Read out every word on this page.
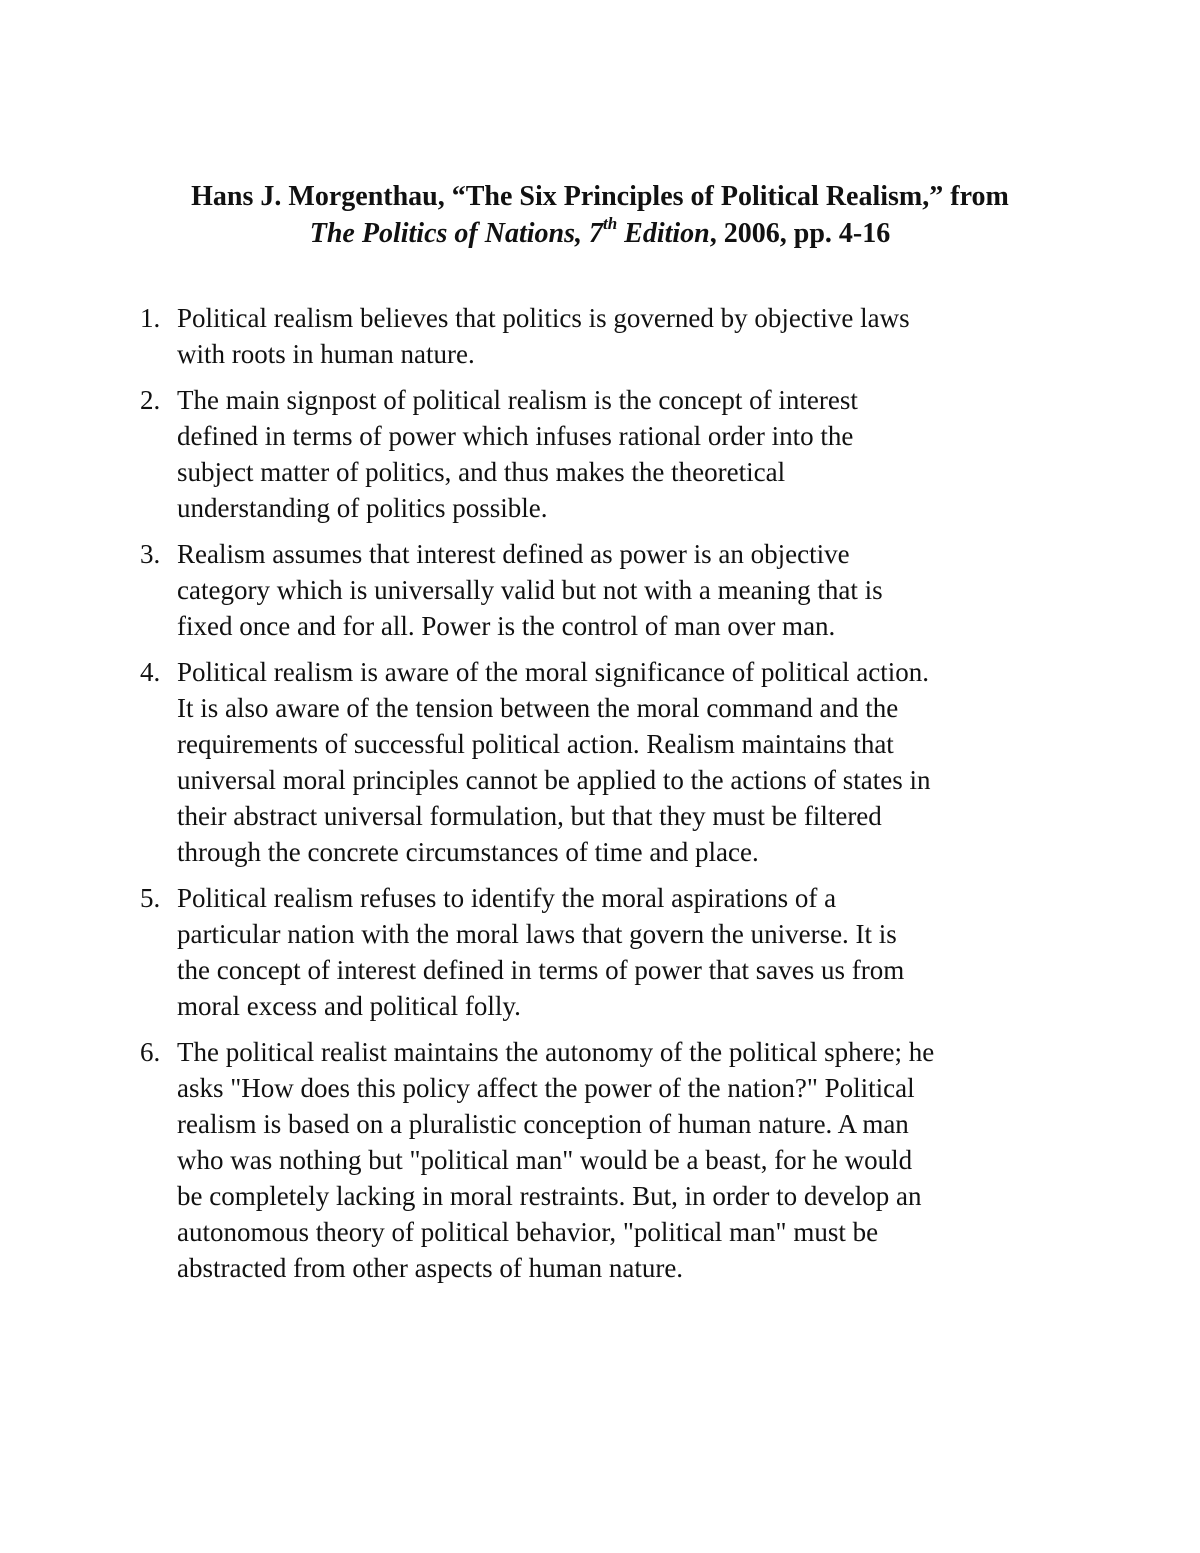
Hans J. Morgenthau, “The Six Principles of Political Realism,” from
The Politics of Nations, 7th Edition, 2006, pp. 4-16
1. Political realism believes that politics is governed by objective laws
with roots in human nature.
2. The main signpost of political realism is the concept of interest
defined in terms of power which infuses rational order into the
subject matter of politics, and thus makes the theoretical
understanding of politics possible.
3. Realism assumes that interest defined as power is an objective
category which is universally valid but not with a meaning that is
fixed once and for all. Power is the control of man over man.
4. Political realism is aware of the moral significance of political action.
It is also aware of the tension between the moral command and the
requirements of successful political action. Realism maintains that
universal moral principles cannot be applied to the actions of states in
their abstract universal formulation, but that they must be filtered
through the concrete circumstances of time and place.
5. Political realism refuses to identify the moral aspirations of a
particular nation with the moral laws that govern the universe. It is
the concept of interest defined in terms of power that saves us from
moral excess and political folly.
6. The political realist maintains the autonomy of the political sphere; he
asks "How does this policy affect the power of the nation?" Political
realism is based on a pluralistic conception of human nature. A man
who was nothing but "political man" would be a beast, for he would
be completely lacking in moral restraints. But, in order to develop an
autonomous theory of political behavior, "political man" must be
abstracted from other aspects of human nature.
